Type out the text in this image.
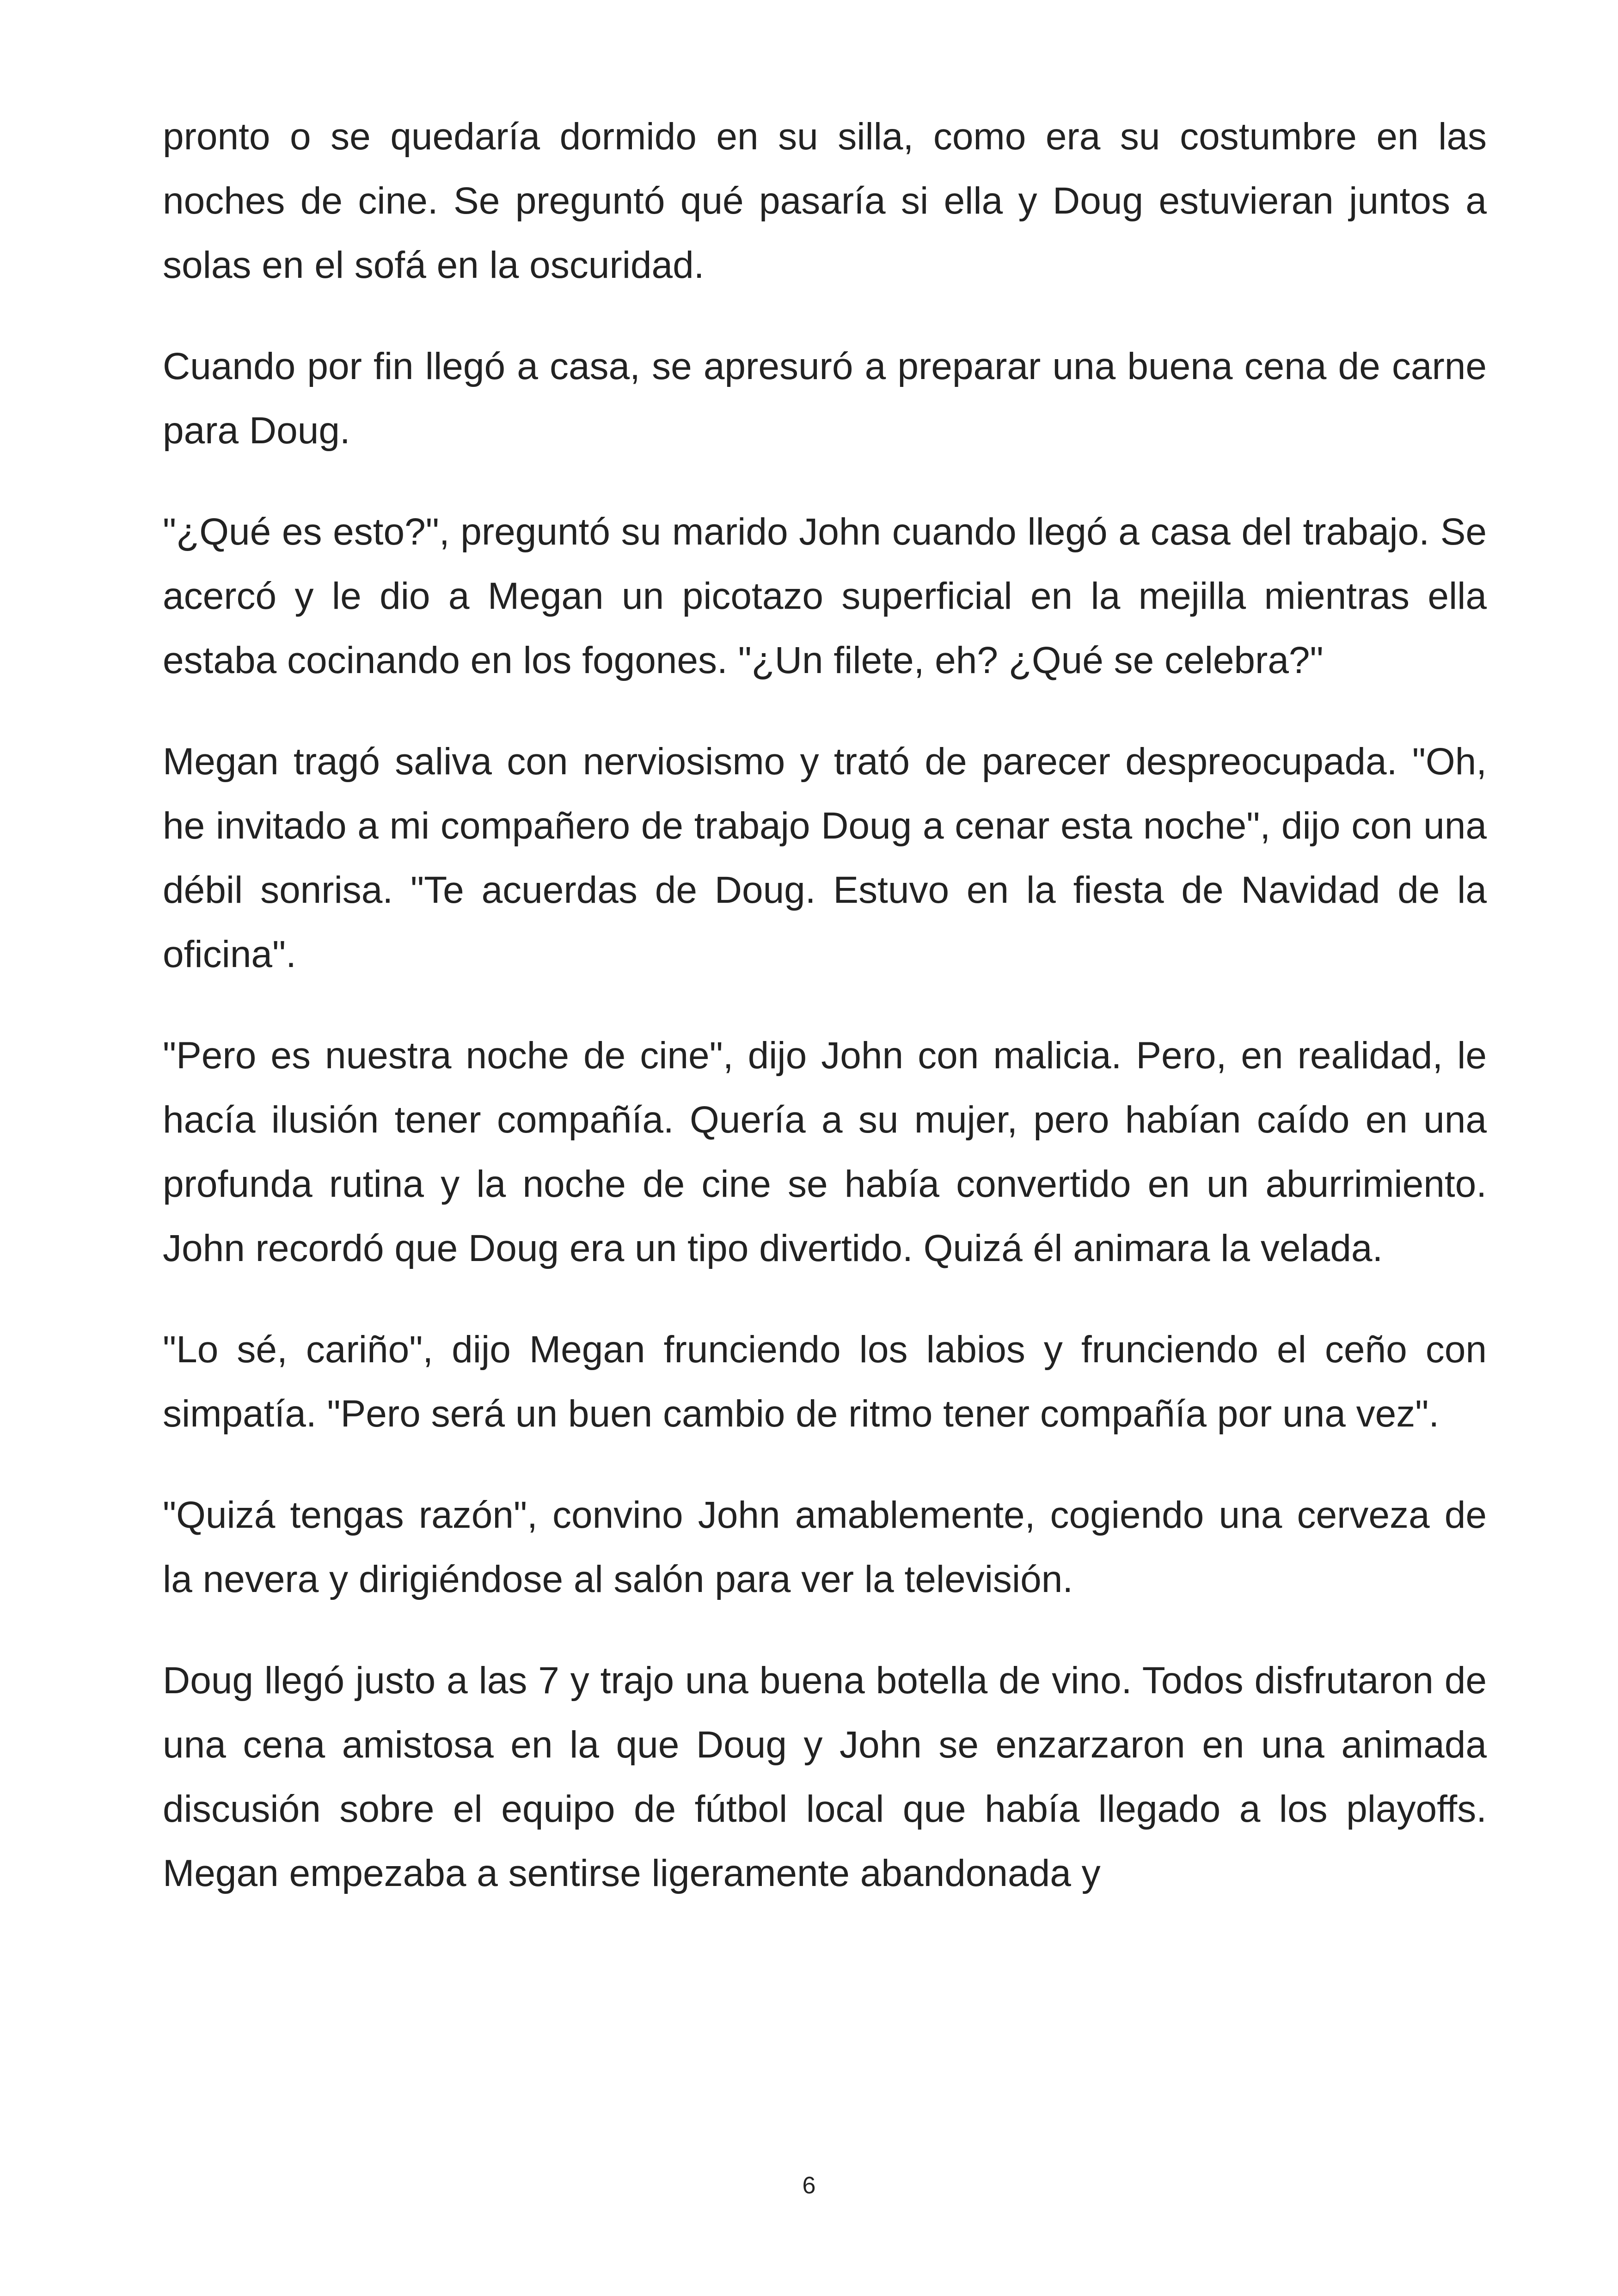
pronto o se quedaría dormido en su silla, como era su costumbre en las noches de cine. Se preguntó qué pasaría si ella y Doug estuvieran juntos a solas en el sofá en la oscuridad.

Cuando por fin llegó a casa, se apresuró a preparar una buena cena de carne para Doug.

"¿Qué es esto?", preguntó su marido John cuando llegó a casa del trabajo. Se acercó y le dio a Megan un picotazo superficial en la mejilla mientras ella estaba cocinando en los fogones. "¿Un filete, eh? ¿Qué se celebra?"

Megan tragó saliva con nerviosismo y trató de parecer despreocupada. "Oh, he invitado a mi compañero de trabajo Doug a cenar esta noche", dijo con una débil sonrisa. "Te acuerdas de Doug. Estuvo en la fiesta de Navidad de la oficina".

"Pero es nuestra noche de cine", dijo John con malicia. Pero, en realidad, le hacía ilusión tener compañía. Quería a su mujer, pero habían caído en una profunda rutina y la noche de cine se había convertido en un aburrimiento. John recordó que Doug era un tipo divertido. Quizá él animara la velada.

"Lo sé, cariño", dijo Megan frunciendo los labios y frunciendo el ceño con simpatía. "Pero será un buen cambio de ritmo tener compañía por una vez".

"Quizá tengas razón", convino John amablemente, cogiendo una cerveza de la nevera y dirigiéndose al salón para ver la televisión.

Doug llegó justo a las 7 y trajo una buena botella de vino. Todos disfrutaron de una cena amistosa en la que Doug y John se enzarzaron en una animada discusión sobre el equipo de fútbol local que había llegado a los playoffs. Megan empezaba a sentirse ligeramente abandonada y

6
